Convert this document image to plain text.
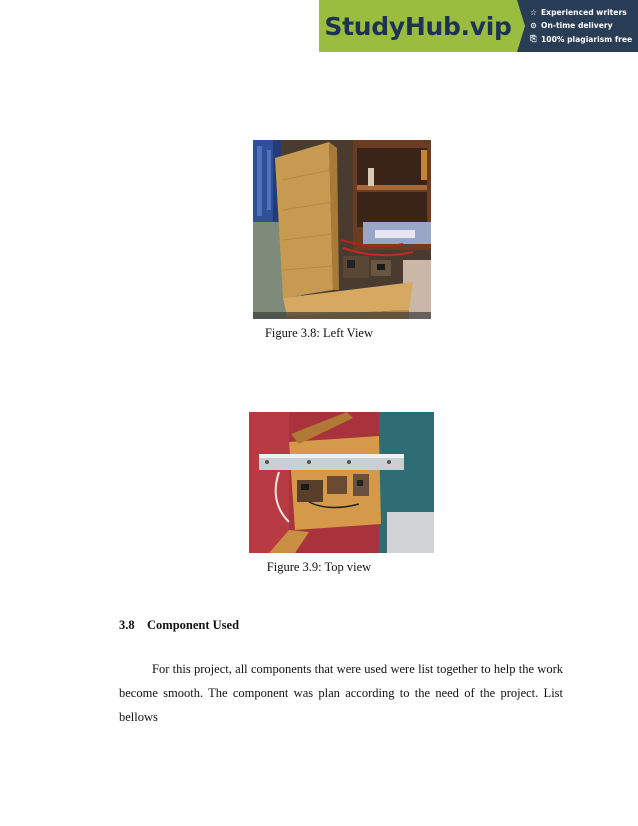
StudyHub.vip ☆ Experienced writers
⊙ On-time delivery
⎘ 100% plagiarism free
Figure 3.8: Left View
Figure 3.9: Top view
3.8 Component Used
For this project, all components that were used were list together to help the work become smooth. The component was plan according to the need of the project. List bellows
